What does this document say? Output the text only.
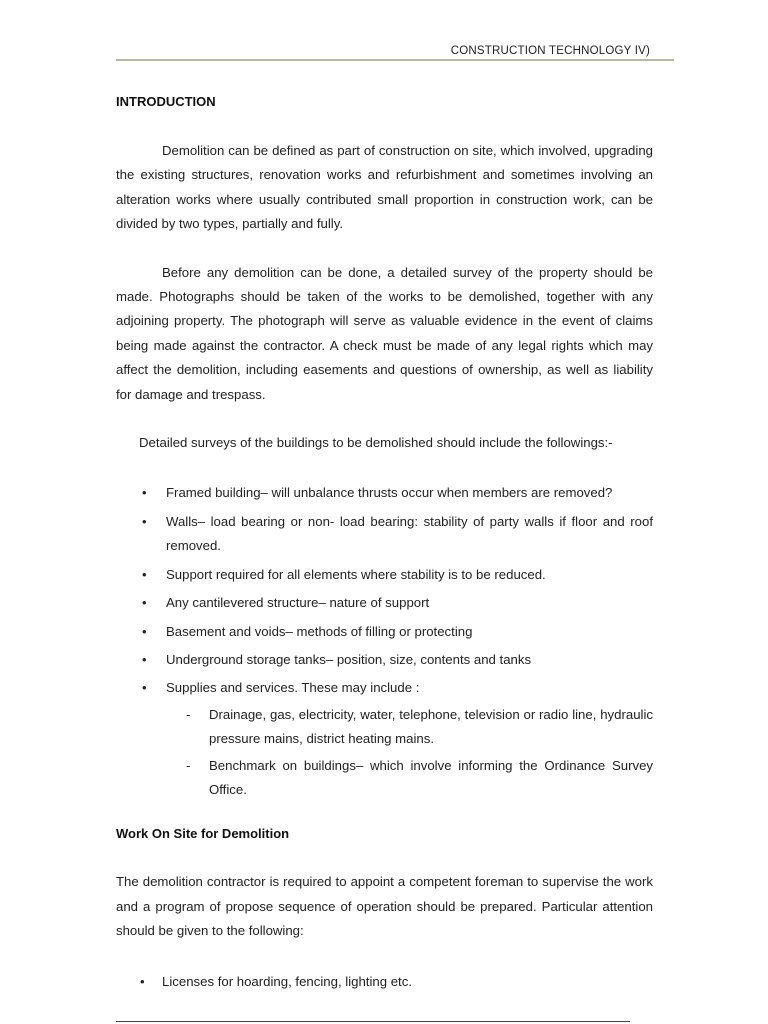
CONSTRUCTION TECHNOLOGY IV)
INTRODUCTION

Demolition can be defined as part of construction on site, which involved, upgrading the existing structures, renovation works and refurbishment and sometimes involving an alteration works where usually contributed small proportion in construction work, can be divided by two types, partially and fully.

Before any demolition can be done, a detailed survey of the property should be made. Photographs should be taken of the works to be demolished, together with any adjoining property. The photograph will serve as valuable evidence in the event of claims being made against the contractor. A check must be made of any legal rights which may affect the demolition, including easements and questions of ownership, as well as liability for damage and trespass.

Detailed surveys of the buildings to be demolished should include the followings:-

• Framed building– will unbalance thrusts occur when members are removed?
• Walls– load bearing or non- load bearing: stability of party walls if floor and roof removed.
• Support required for all elements where stability is to be reduced.
• Any cantilevered structure– nature of support
• Basement and voids– methods of filling or protecting
• Underground storage tanks– position, size, contents and tanks
• Supplies and services. These may include :
- Drainage, gas, electricity, water, telephone, television or radio line, hydraulic pressure mains, district heating mains.
- Benchmark on buildings– which involve informing the Ordinance Survey Office.
Work On Site for Demolition

The demolition contractor is required to appoint a competent foreman to supervise the work and a program of propose sequence of operation should be prepared. Particular attention should be given to the following:

• Licenses for hoarding, fencing, lighting etc.
